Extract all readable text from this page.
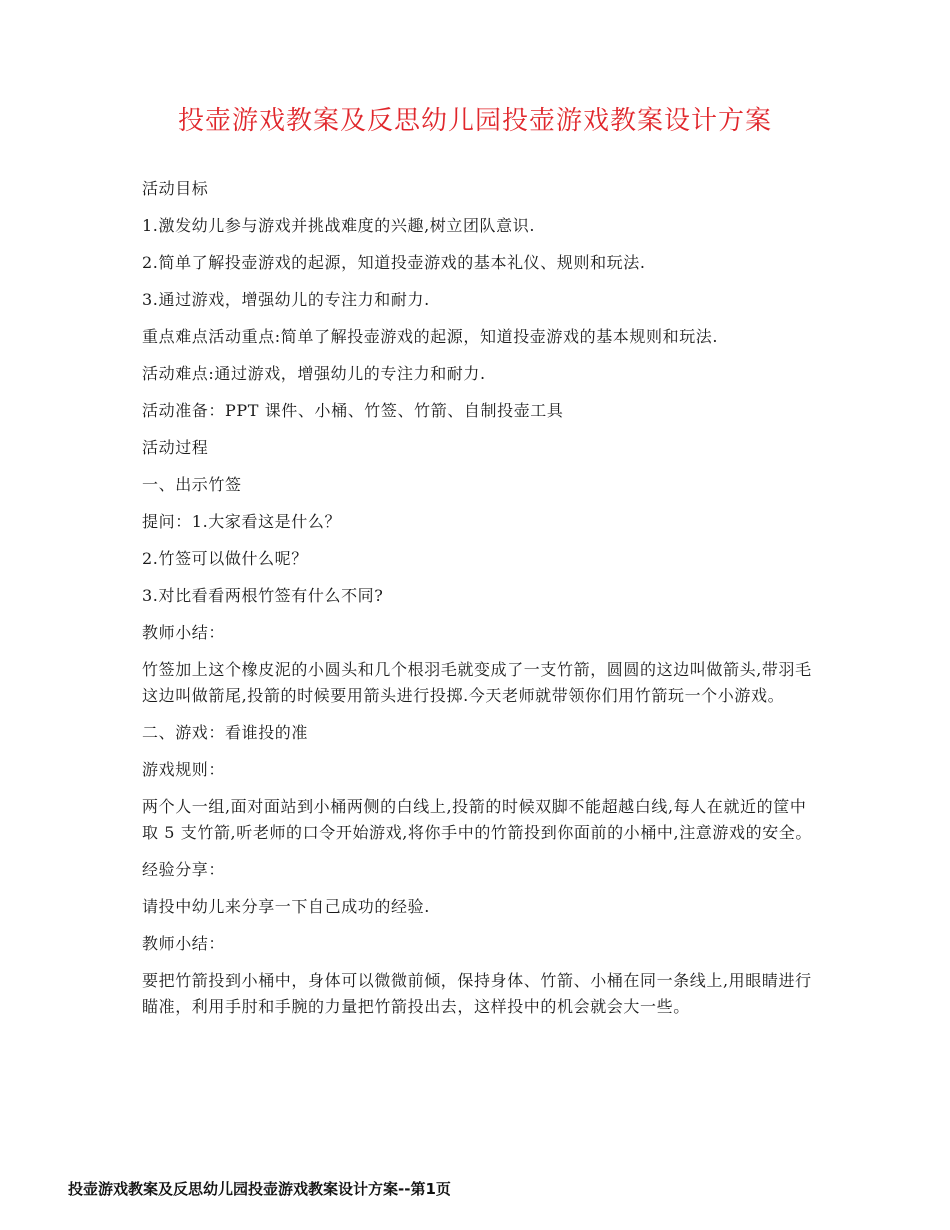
投壶游戏教案及反思幼儿园投壶游戏教案设计方案

活动目标

1.激发幼儿参与游戏并挑战难度的兴趣,树立团队意识.

2.简单了解投壶游戏的起源，知道投壶游戏的基本礼仪、规则和玩法.

3.通过游戏，增强幼儿的专注力和耐力.

重点难点活动重点:简单了解投壶游戏的起源，知道投壶游戏的基本规则和玩法.

活动难点:通过游戏，增强幼儿的专注力和耐力.

活动准备：PPT 课件、小桶、竹签、竹箭、自制投壶工具

活动过程

一、出示竹签

提问：1.大家看这是什么？

2.竹签可以做什么呢？

3.对比看看两根竹签有什么不同?

教师小结：

竹签加上这个橡皮泥的小圆头和几个根羽毛就变成了一支竹箭，圆圆的这边叫做箭头,带羽毛这边叫做箭尾,投箭的时候要用箭头进行投掷.今天老师就带领你们用竹箭玩一个小游戏。

二、游戏：看谁投的准

游戏规则：

两个人一组,面对面站到小桶两侧的白线上,投箭的时候双脚不能超越白线,每人在就近的筐中取 5 支竹箭,听老师的口令开始游戏,将你手中的竹箭投到你面前的小桶中,注意游戏的安全。

经验分享：

请投中幼儿来分享一下自己成功的经验.

教师小结：

要把竹箭投到小桶中，身体可以微微前倾，保持身体、竹箭、小桶在同一条线上,用眼睛进行瞄准，利用手肘和手腕的力量把竹箭投出去，这样投中的机会就会大一些。

投壶游戏教案及反思幼儿园投壶游戏教案设计方案--第1页
